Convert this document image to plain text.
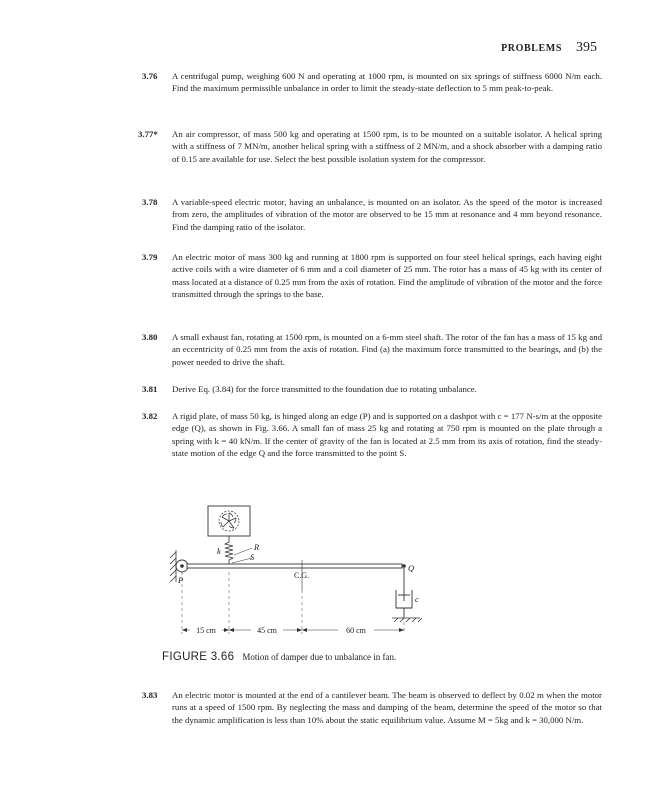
PROBLEMS 395
3.76	A centrifugal pump, weighing 600 N and operating at 1000 rpm, is mounted on six springs of stiffness 6000 N/m each. Find the maximum permissible unbalance in order to limit the steady-state deflection to 5 mm peak-to-peak.

3.77*	An air compressor, of mass 500 kg and operating at 1500 rpm, is to be mounted on a suitable isolator. A helical spring with a stiffness of 7 MN/m, another helical spring with a stiffness of 2 MN/m, and a shock absorber with a damping ratio of 0.15 are available for use. Select the best possible isolation system for the compressor.

3.78	A variable-speed electric motor, having an unbalance, is mounted on an isolator. As the speed of the motor is increased from zero, the amplitudes of vibration of the motor are observed to be 15 mm at resonance and 4 mm beyond resonance. Find the damping ratio of the isolator.

3.79	An electric motor of mass 300 kg and running at 1800 rpm is supported on four steel helical springs, each having eight active coils with a wire diameter of 6 mm and a coil diameter of 25 mm. The rotor has a mass of 45 kg with its center of mass located at a distance of 0.25 mm from the axis of rotation. Find the amplitude of vibration of the motor and the force transmitted through the springs to the base.

3.80	A small exhaust fan, rotating at 1500 rpm, is mounted on a 6-mm steel shaft. The rotor of the fan has a mass of 15 kg and an eccentricity of 0.25 mm from the axis of rotation. Find (a) the maximum force transmitted to the bearings, and (b) the power needed to drive the shaft.

3.81	Derive Eq. (3.84) for the force transmitted to the foundation due to rotating unbalance.

3.82	A rigid plate, of mass 50 kg, is hinged along an edge (P) and is supported on a dashpot with c = 177 N-s/m at the opposite edge (Q), as shown in Fig. 3.66. A small fan of mass 25 kg and rotating at 750 rpm is mounted on the plate through a spring with k = 40 kN/m. If the center of gravity of the fan is located at 2.5 mm from its axis of rotation, find the steady-state motion of the edge Q and the force transmitted to the point S.

15 cm	45 cm	60 cm
k	R
S
P
Q
C.G.
c
FIGURE 3.66 Motion of damper due to unbalance in fan.
3.83	An electric motor is mounted at the end of a cantilever beam. The beam is observed to deflect by 0.02 m when the motor runs at a speed of 1500 rpm. By neglecting the mass and damping of the beam, determine the speed of the motor so that the dynamic amplification is less than 10% about the static equilibrium value. Assume M = 5kg and k = 30,000 N/m.
